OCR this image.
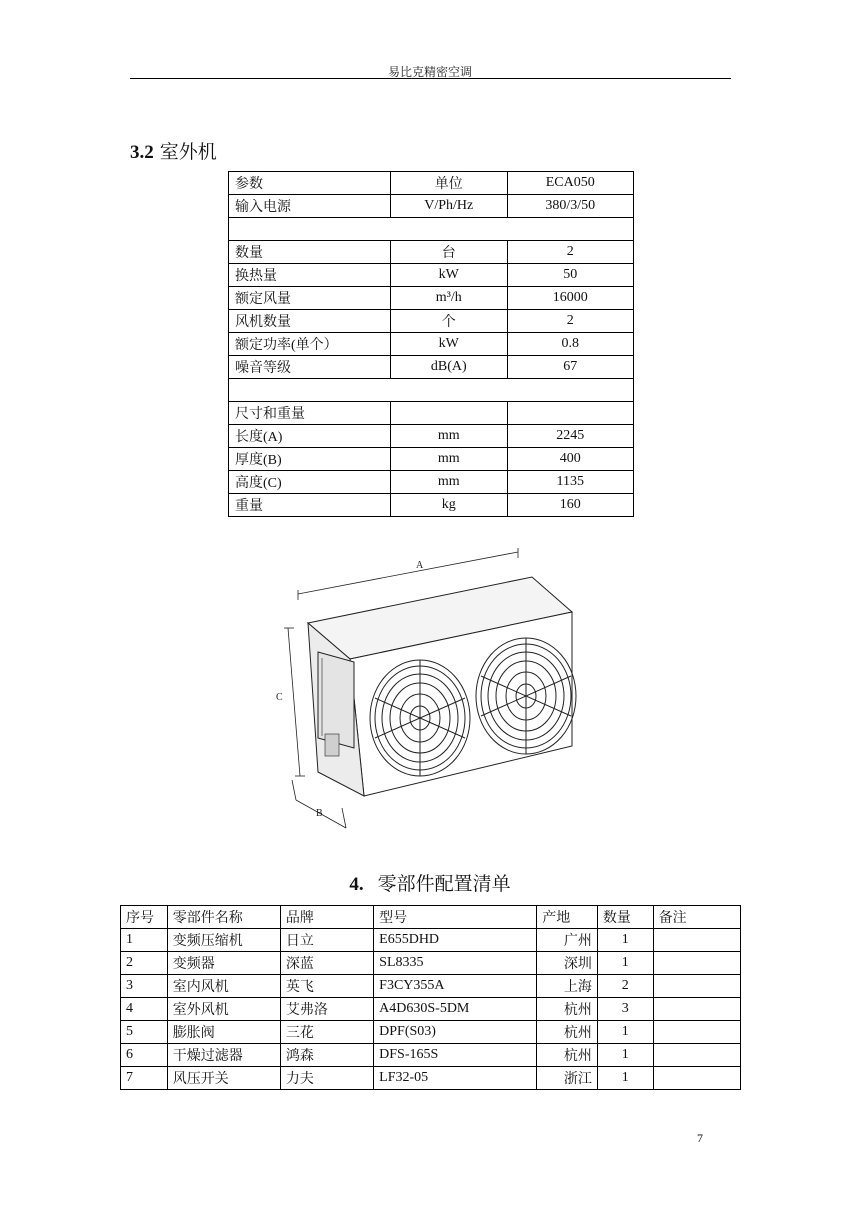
易比克精密空调
3.2 室外机
参数	单位	ECA050
输入电源	V/Ph/Hz	380/3/50

数量	台	2
换热量	kW	50
额定风量	m³/h	16000
风机数量	个	2
额定功率(单个）	kW	0.8
噪音等级	dB(A)	67

尺寸和重量		
长度(A)	mm	2245
厚度(B)	mm	400
高度(C)	mm	1135
重量	kg	160
A
C
B
4. 零部件配置清单
序号	零部件名称	品牌	型号	产地	数量	备注
1	变频压缩机	日立	E655DHD	广州	1	
2	变频器	深蓝	SL8335	深圳	1	
3	室内风机	英飞	F3CY355A	上海	2	
4	室外风机	艾弗洛	A4D630S-5DM	杭州	3	
5	膨胀阀	三花	DPF(S03)	杭州	1	
6	干燥过滤器	鸿森	DFS-165S	杭州	1	
7	风压开关	力夫	LF32-05	浙江	1	
7
